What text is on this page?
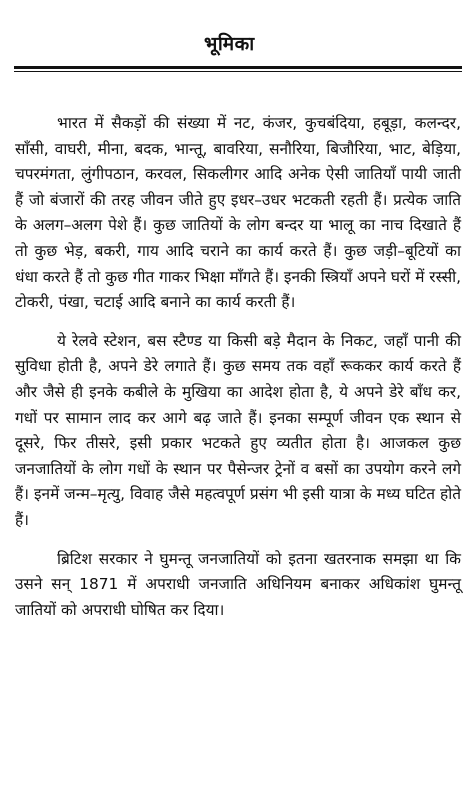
भूमिका

भारत में सैकड़ों की संख्या में नट, कंजर, कुचबंदिया, हबूड़ा, कलन्दर, साँसी, वाघरी, मीना, बदक, भान्तू, बावरिया, सनौरिया, बिजौरिया, भाट, बेड़िया, चपरमंगता, लुंगीपठान, करवल, सिकलीगर आदि अनेक ऐसी जातियाँ पायी जाती हैं जो बंजारों की तरह जीवन जीते हुए इधर–उधर भटकती रहती हैं। प्रत्येक जाति के अलग–अलग पेशे हैं। कुछ जातियों के लोग बन्दर या भालू का नाच दिखाते हैं तो कुछ भेड़, बकरी, गाय आदि चराने का कार्य करते हैं। कुछ जड़ी–बूटियों का धंधा करते हैं तो कुछ गीत गाकर भिक्षा माँगते हैं। इनकी स्त्रियाँ अपने घरों में रस्सी, टोकरी, पंखा, चटाई आदि बनाने का कार्य करती हैं।

ये रेलवे स्टेशन, बस स्टैण्ड या किसी बड़े मैदान के निकट, जहाँ पानी की सुविधा होती है, अपने डेरे लगाते हैं। कुछ समय तक वहाँ रूककर कार्य करते हैं और जैसे ही इनके कबीले के मुखिया का आदेश होता है, ये अपने डेरे बाँध कर, गधों पर सामान लाद कर आगे बढ़ जाते हैं। इनका सम्पूर्ण जीवन एक स्थान से दूसरे, फिर तीसरे, इसी प्रकार भटकते हुए व्यतीत होता है। आजकल कुछ जनजातियों के लोग गधों के स्थान पर पैसेन्जर ट्रेनों व बसों का उपयोग करने लगे हैं। इनमें जन्म–मृत्यु, विवाह जैसे महत्वपूर्ण प्रसंग भी इसी यात्रा के मध्य घटित होते हैं।

ब्रिटिश सरकार ने घुमन्तू जनजातियों को इतना खतरनाक समझा था कि उसने सन् 1871 में अपराधी जनजाति अधिनियम बनाकर अधिकांश घुमन्तू जातियों को अपराधी घोषित कर दिया।
